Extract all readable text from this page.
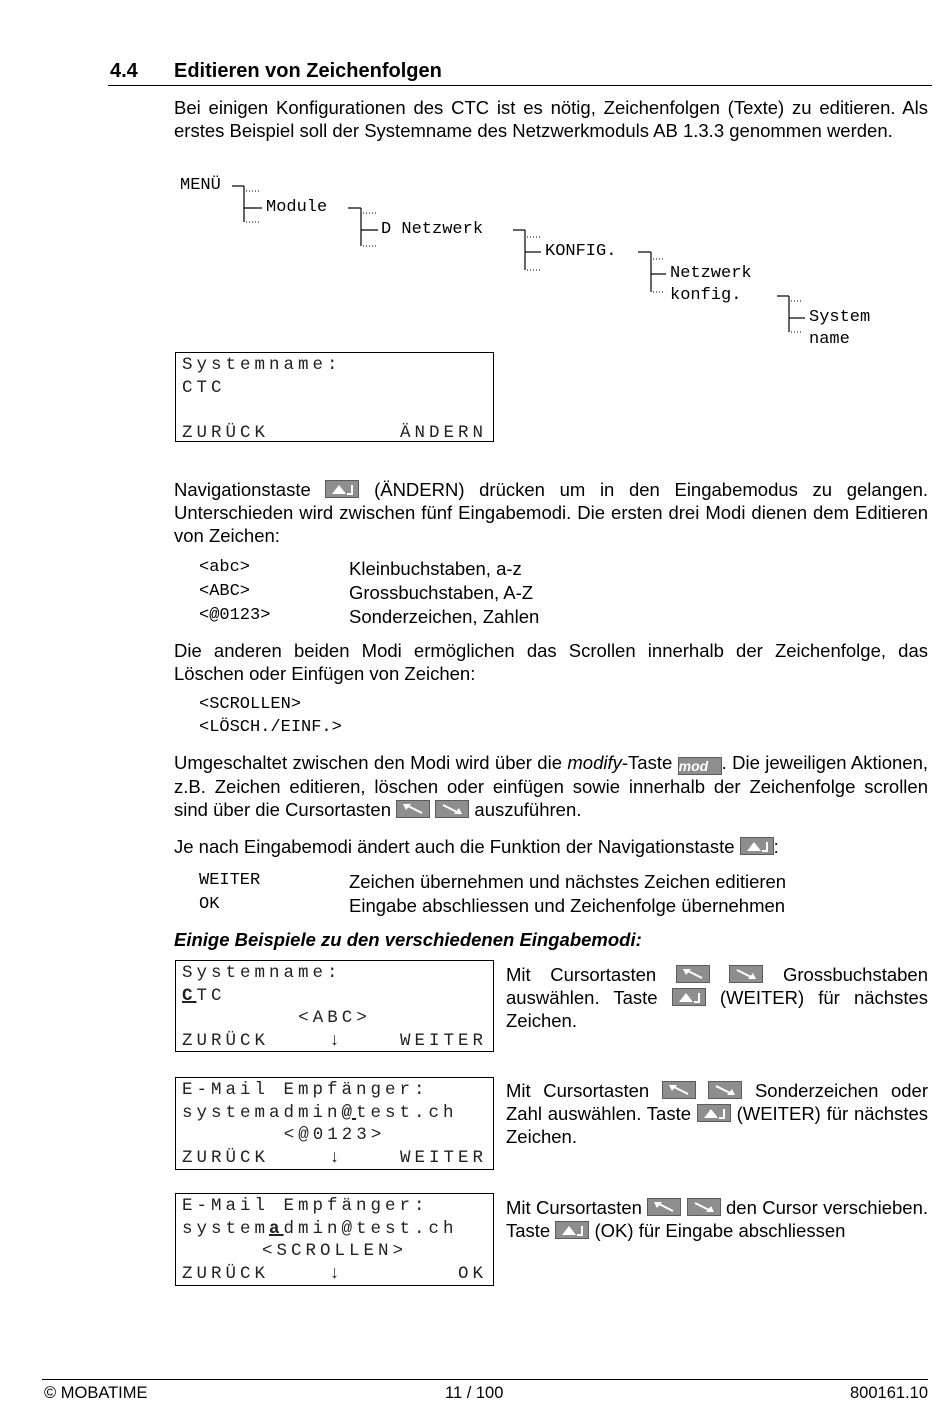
4.4 Editieren von Zeichenfolgen
Bei einigen Konfigurationen des CTC ist es nötig, Zeichenfolgen (Texte) zu editieren. Als erstes Beispiel soll der Systemname des Netzwerkmoduls AB 1.3.3 genommen werden.
MENÜ
Module
D Netzwerk
KONFIG.
Netzwerk
konfig.
System
name
Systemname:
CTC
ZURÜCK	ÄNDERN
Navigationstaste	(ÄNDERN) drücken um in den Eingabemodus zu gelangen. Unterschieden wird zwischen fünf Eingabemodi. Die ersten drei Modi dienen dem Editieren von Zeichen:
<abc>	Kleinbuchstaben, a-z
<ABC>	Grossbuchstaben, A-Z
<@0123>	Sonderzeichen, Zahlen
Die anderen beiden Modi ermöglichen das Scrollen innerhalb der Zeichenfolge, das Löschen oder Einfügen von Zeichen:
<SCROLLEN>
<LÖSCH./EINF.>
Umgeschaltet zwischen den Modi wird über die modify-Taste mod . Die jeweiligen Aktionen, z.B. Zeichen editieren, löschen oder einfügen sowie innerhalb der Zeichenfolge scrollen sind über die Cursortasten
	auszuführen.
Je nach Eingabemodi ändert auch die Funktion der Navigationstaste :
WEITER	Zeichen übernehmen und nächstes Zeichen editieren
OK	Eingabe abschliessen und Zeichenfolge übernehmen
Einige Beispiele zu den verschiedenen Eingabemodi:
Systemname:
CTC
<ABC>
ZURÜCK	↓	WEITER
Mit Cursortasten
	Grossbuchstaben auswählen. Taste	(WEITER) für nächstes Zeichen.
E-Mail Empfänger:
systemadmin@test.ch
<@0123>
ZURÜCK	↓	WEITER
Mit Cursortasten
	Sonderzeichen oder Zahl auswählen. Taste (WEITER) für nächstes Zeichen.
E-Mail Empfänger:
systemadmin@test.ch
<SCROLLEN>
ZURÜCK	↓	OK
Mit Cursortasten
	den Cursor verschieben. Taste (OK) für Eingabe abschliessen
© MOBATIME	11 / 100	800161.10
